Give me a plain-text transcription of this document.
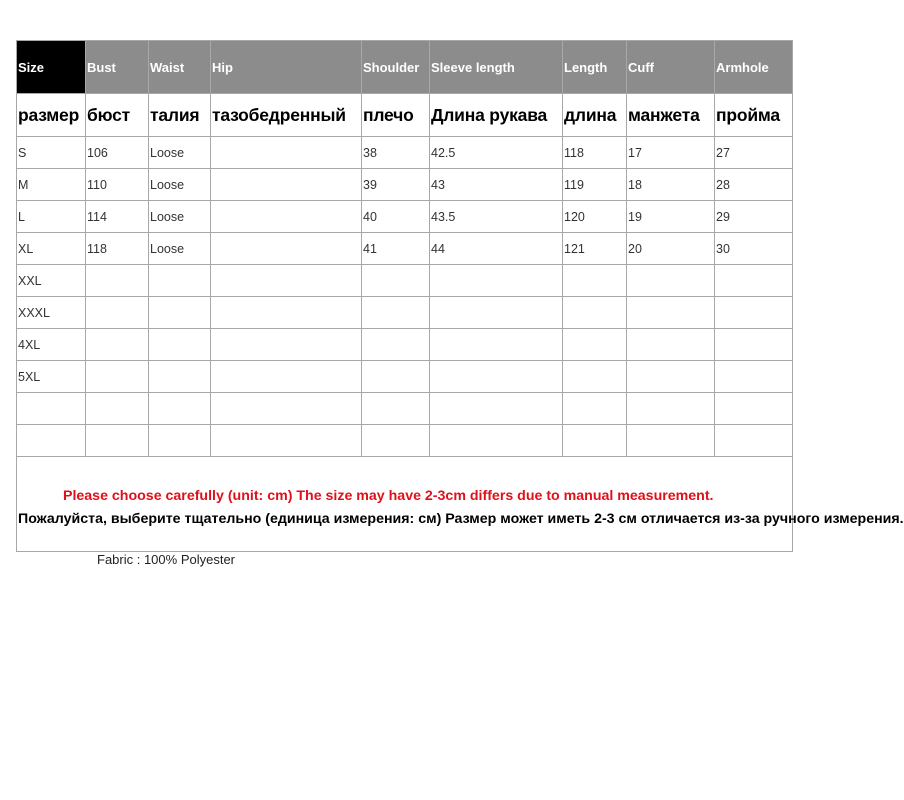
Size	Bust	Waist	Hip	Shoulder	Sleeve length	Length	Cuff	Armhole
размер	бюст	талия	тазобедренный	плечо	Длина рукава	длина	манжета	пройма
S	106	Loose		38	42.5	118	17	27
M	110	Loose		39	43	119	18	28
L	114	Loose		40	43.5	120	19	29
XL	118	Loose		41	44	121	20	30
XXL								
XXXL								
4XL								
5XL								

Please choose carefully (unit: cm) The size may have 2-3cm differs due to manual measurement.
Пожалуйста, выберите тщательно (единица измерения: см) Размер может иметь 2-3 см отличается из-за ручного измерения.								
Fabric : 100% Polyester
